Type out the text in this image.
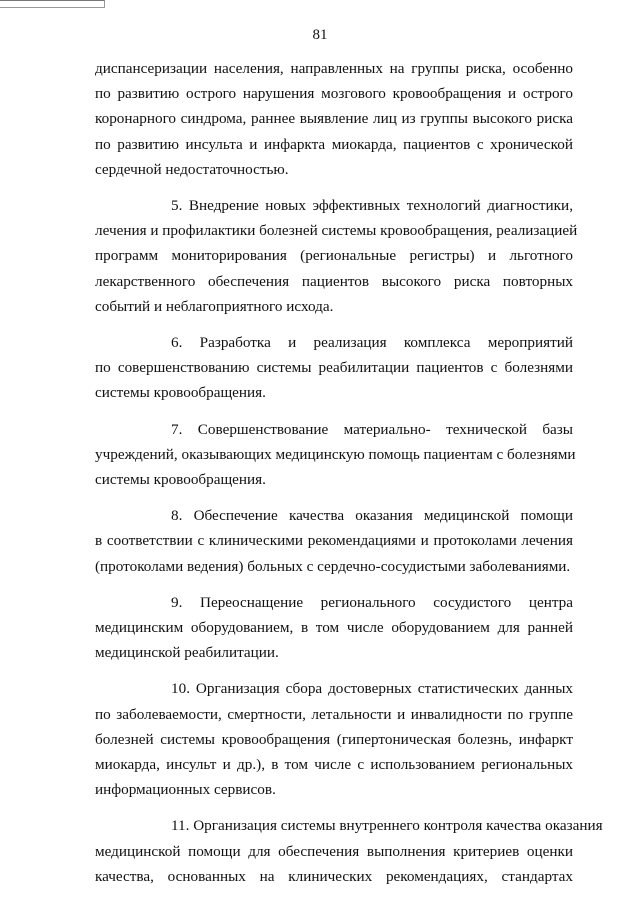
81
диспансеризации населения, направленных на группы риска, особенно
по развитию острого нарушения мозгового кровообращения и острого
коронарного синдрома, раннее выявление лиц из группы высокого риска
по развитию инсульта и инфаркта миокарда, пациентов с хронической
сердечной недостаточностью.
5. Внедрение новых эффективных технологий диагностики,
лечения и профилактики болезней системы кровообращения, реализацией
программ мониторирования (региональные регистры) и льготного
лекарственного обеспечения пациентов высокого риска повторных
событий и неблагоприятного исхода.
6. Разработка и реализация комплекса мероприятий
по совершенствованию системы реабилитации пациентов с болезнями
системы кровообращения.
7. Совершенствование материально- технической базы
учреждений, оказывающих медицинскую помощь пациентам с болезнями
системы кровообращения.
8. Обеспечение качества оказания медицинской помощи
в соответствии с клиническими рекомендациями и протоколами лечения
(протоколами ведения) больных с сердечно-сосудистыми заболеваниями.
9. Переоснащение регионального сосудистого центра
медицинским оборудованием, в том числе оборудованием для ранней
медицинской реабилитации.
10. Организация сбора достоверных статистических данных
по заболеваемости, смертности, летальности и инвалидности по группе
болезней системы кровообращения (гипертоническая болезнь, инфаркт
миокарда, инсульт и др.), в том числе с использованием региональных
информационных сервисов.
11. Организация системы внутреннего контроля качества оказания
медицинской помощи для обеспечения выполнения критериев оценки
качества, основанных на клинических рекомендациях, стандартах
